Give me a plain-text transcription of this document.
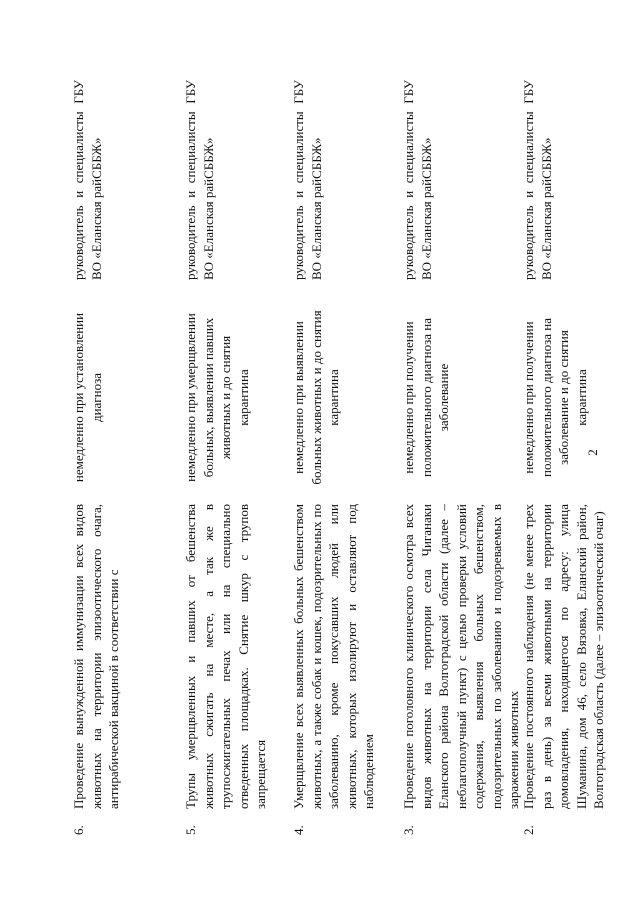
2
2.
Проведение постоянного наблюдения (не менее трех раз в день) за всеми животными на территории домовладения, находящегося по адресу: улица Шуманина, дом 46, село Вязовка, Еланский район, Волгоградская область (далее – эпизоотический очаг)
немедленно при получении положительного диагноза на заболевание и до снятия карантина
руководитель и специалисты ГБУ ВО «Еланская райСББЖ»
3.
Проведение поголовного клинического осмотра всех видов животных на территории села Чиганаки Еланского района Волгоградской области (далее – неблагополучный пункт) с целью проверки условий содержания, выявления больных бешенством, подозрительных по заболеванию и подозреваемых в заражении животных
немедленно при получении положительного диагноза на заболевание
руководитель и специалисты ГБУ ВО «Еланская райСББЖ»
4.
Умерщвление всех выявленных больных бешенством животных, а также собак и кошек, подозрительных по заболеванию, кроме покусавших людей или животных, которых изолируют и оставляют под наблюдением
немедленно при выявлении больных животных и до снятия карантина
руководитель и специалисты ГБУ ВО «Еланская райСББЖ»
5.
Трупы умерщвленных и павших от бешенства животных сжигать на месте, а так же в трупосжигательных печах или на специально отведенных площадках. Снятие шкур с трупов запрещается
немедленно при умерщвлении больных, выявлении павших животных и до снятия карантина
руководитель и специалисты ГБУ ВО «Еланская райСББЖ»
6.
Проведение вынужденной иммунизации всех видов животных на территории эпизоотического очага, антирабической вакциной в соответствии с
немедленно при установлении диагноза
руководитель и специалисты ГБУ ВО «Еланская райСББЖ»
